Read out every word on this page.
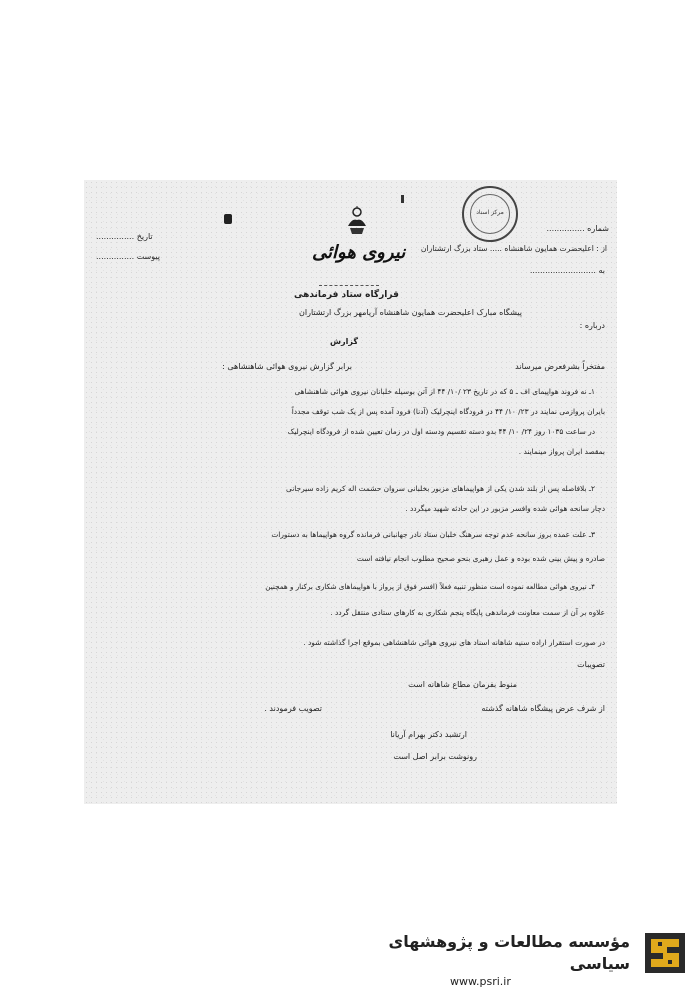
مرکز اسناد
شماره ...............
از : اعلیحضرت همایون شاهنشاه ..... ستاد بزرگ ارتشتاران
به ..........................
تاریخ ...............
پیوست ...............	نیروی هوائی
قرارگاه ستاد فرماندهی
پیشگاه مبارک اعلیحضرت همایون شاهنشاه آریامهر بزرگ ارتشتاران
درباره :
گزارش
مفتخراً بشرفعرض میرساند
برابر گزارش نیروی هوائی شاهنشاهی :
۱ـ نه فروند هواپیمای اف ـ ۵ که در تاریخ ۲۳ /۱۰/ ۴۴ از آتن بوسیله خلبانان نیروی هوائی شاهنشاهی
بایران پروازمی نمایند در ۲۳/ ۱۰/ ۴۴ در فرودگاه اینچرلیک (آدنا) فرود آمده پس از یک شب توقف مجدداً
در ساعت ۱۰۳۵ روز ۲۴/ ۱۰/ ۴۴ بدو دسته تقسیم ودسته اول در زمان تعیین شده از فرودگاه اینچرلیک
بمقصد ایران پرواز مینمایند .
۲ـ بلافاصله پس از بلند شدن یکی از هواپیماهای مزبور بخلبانی سروان حشمت اله کریم زاده سیرجانی
دچار سانحه هوائی شده وافسر مزبور در این حادثه شهید میگردد .
۳ـ علت عمده بروز سانحه عدم توجه سرهنگ خلبان ستاد نادر جهانبانی فرمانده گروه هواپیماها به دستورات
صادره و پیش بینی شده بوده و عمل رهبری بنحو صحیح مطلوب انجام نیافته است
۴ـ نیروی هوائی مطالعه نموده است منظور تنبیه فعلاً (افسر فوق از پرواز با هواپیماهای شکاری برکنار و همچنین
علاوه بر آن از سمت معاونت فرماندهی پایگاه پنجم شکاری به کارهای ستادی منتقل گردد .
در صورت استقرار اراده سنیه شاهانه اسناد های نیروی هوائی شاهنشاهی بموقع اجرا گذاشته شود .
تصویبات
منوط بفرمان مطاع شاهانه است
از شرف عرض پیشگاه شاهانه گذشته
تصویب فرمودند .
ارتشبد دکتر بهرام آریانا
رونوشت برابر اصل است
مؤسسه مطالعات و پژوهشهای سیاسی
www.psri.ir
